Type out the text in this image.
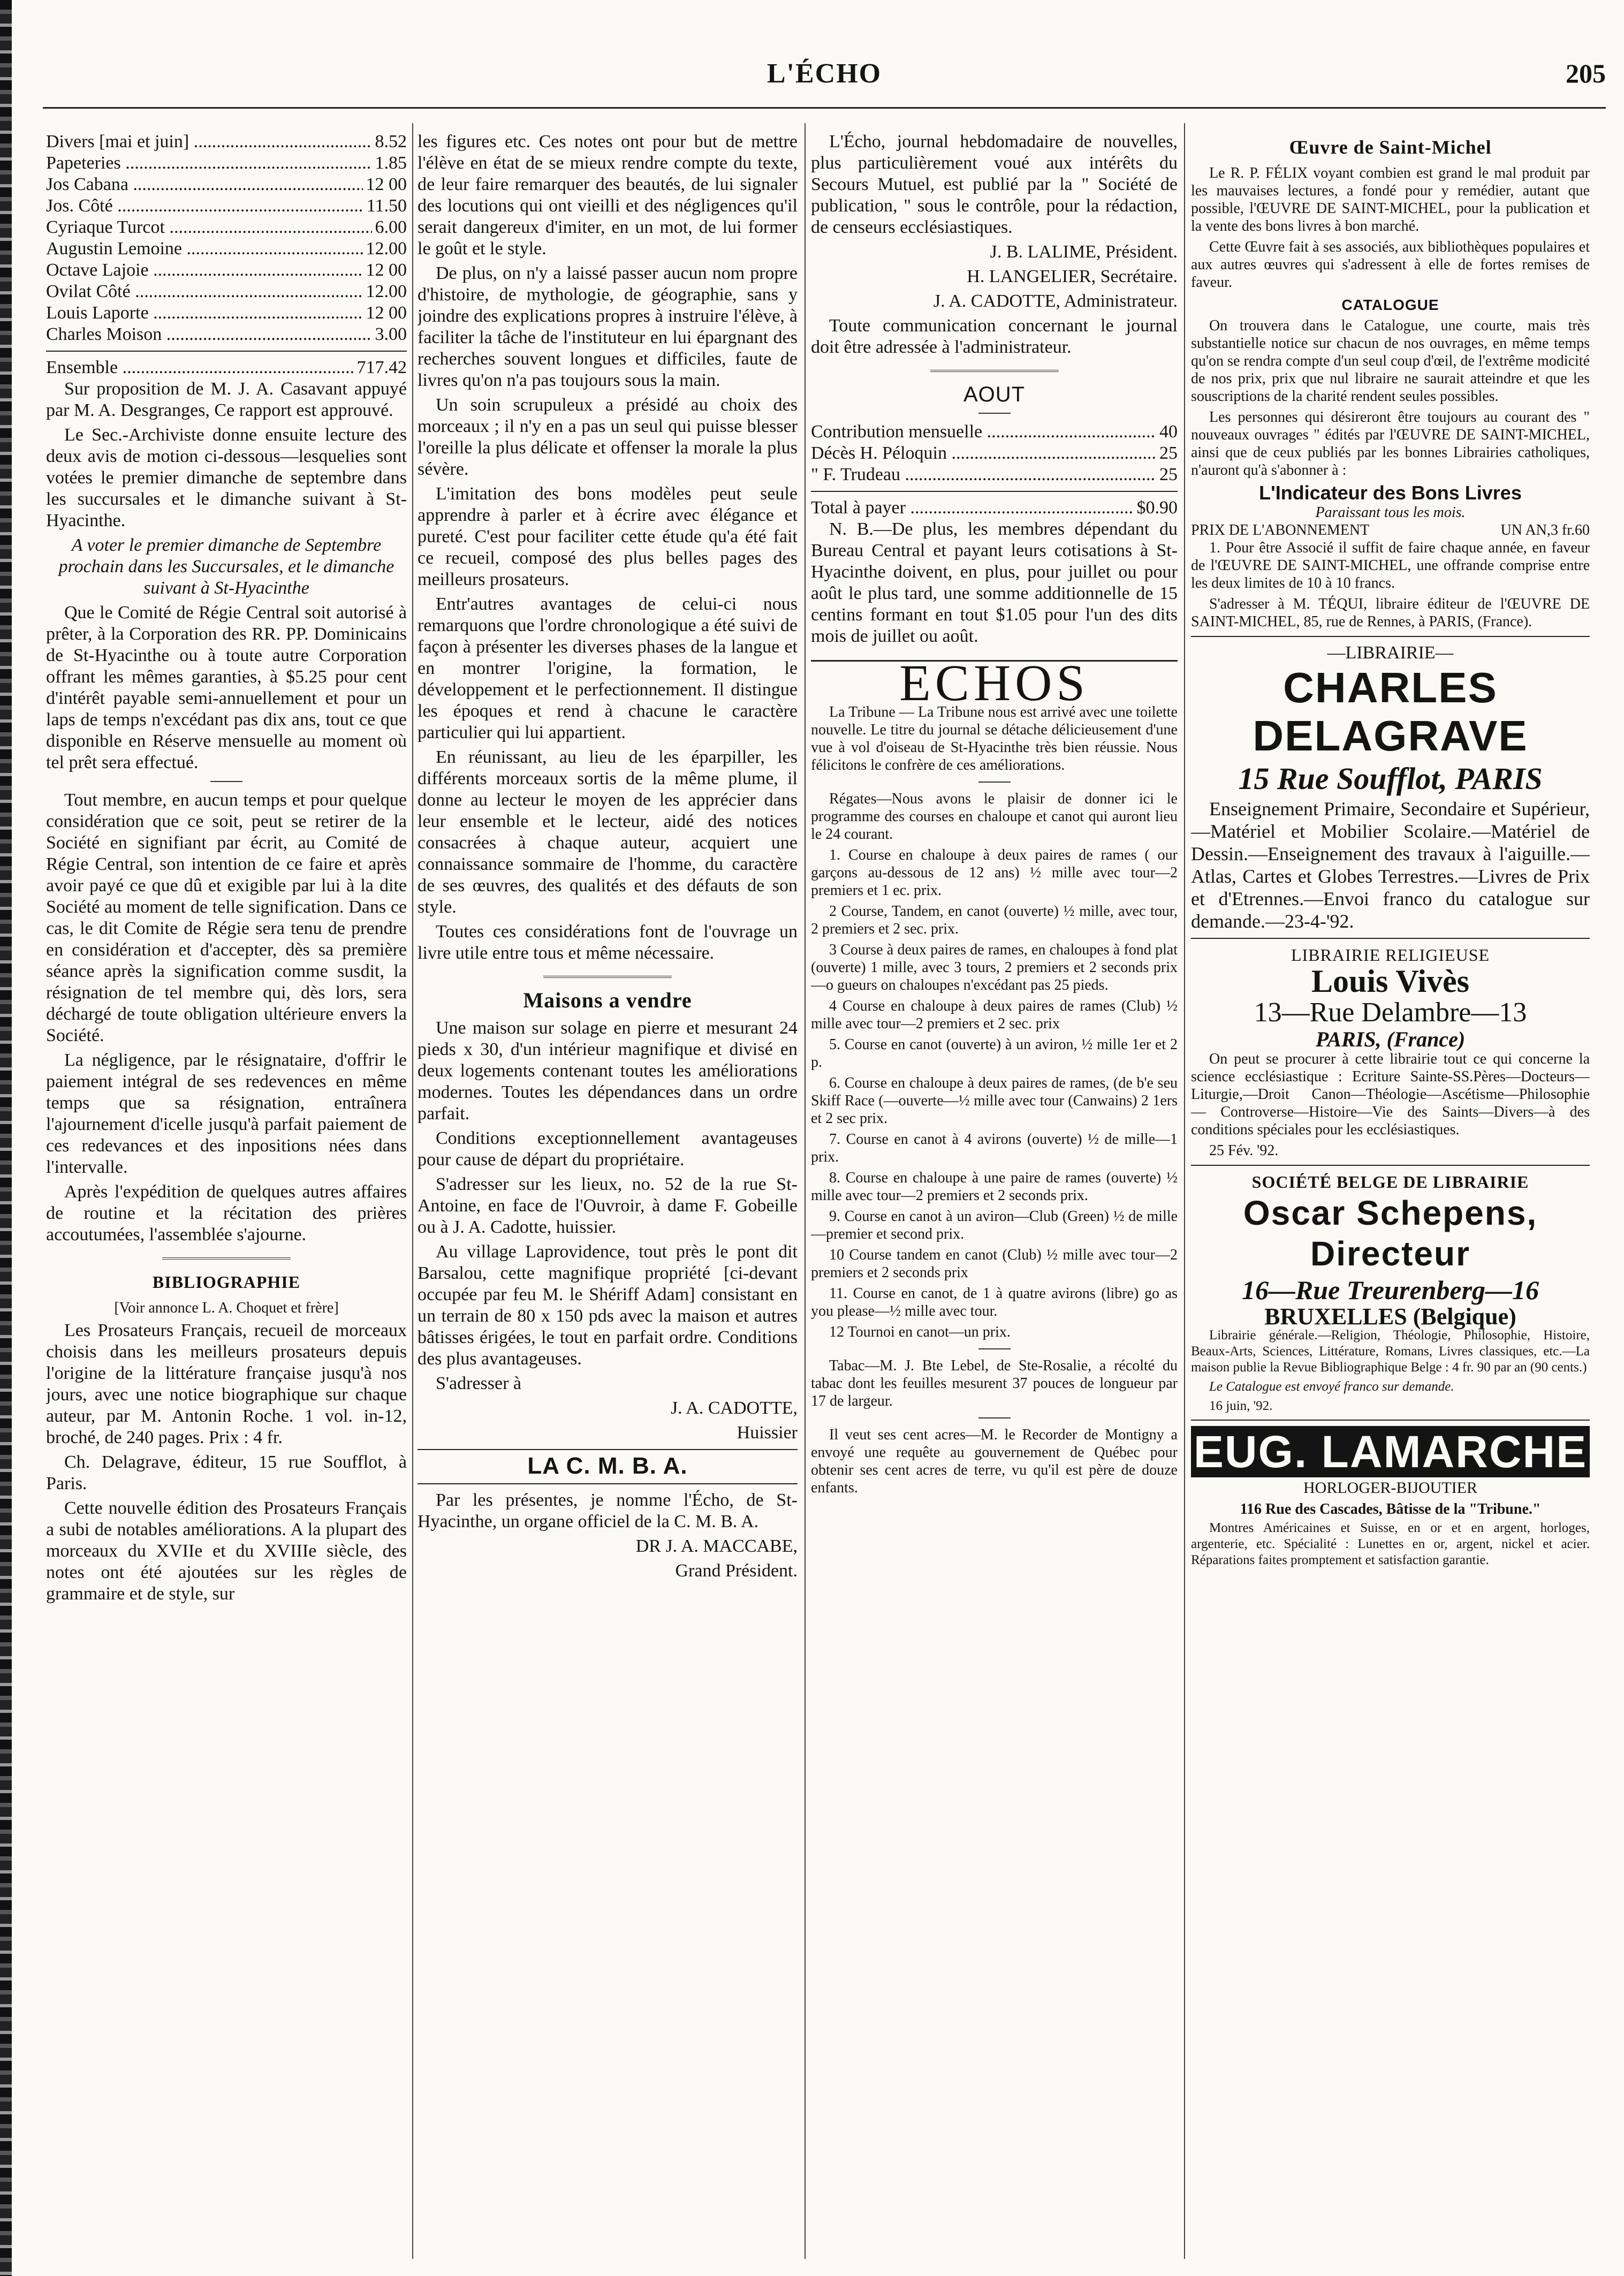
L'ÉCHO	205
Divers [mai et juin] .....	8.52
Papeteries .....	1.85
Jos Cabana .....	12 00
Jos. Côté .....	11.50
Cyriaque Turcot .....	6.00
Augustin Lemoine .....	12.00
Octave Lajoie .....	12 00
Ovilat Côté .....	12.00
Louis Laporte .....	12 00
Charles Moison .....	3.00
Ensemble .....	717.42

Sur proposition de M. J. A. Casavant appuyé par M. A. Desgranges, Ce rapport est approuvé.

Le Sec.-Archiviste donne ensuite lecture des deux avis de motion ci-dessous—lesquelies sont votées le premier dimanche de septembre dans les succursales et le dimanche suivant à St-Hyacinthe.

A voter le premier dimanche de Septembre prochain dans les Succursales, et le dimanche suivant à St-Hyacinthe

Que le Comité de Régie Central soit autorisé à prêter, à la Corporation des RR. PP. Dominicains de St-Hyacinthe ou à toute autre Corporation offrant les mêmes garanties, à $5.25 pour cent d'intérêt payable semi-annuellement et pour un laps de temps n'excédant pas dix ans, tout ce que disponible en Réserve mensuelle au moment où tel prêt sera effectué.

Tout membre, en aucun temps et pour quelque considération que ce soit, peut se retirer de la Société en signifiant par écrit, au Comité de Régie Central, son intention de ce faire et après avoir payé ce que dû et exigible par lui à la dite Société au moment de telle signification. Dans ce cas, le dit Comite de Régie sera tenu de prendre en considération et d'accepter, dès sa première séance après la signification comme susdit, la résignation de tel membre qui, dès lors, sera déchargé de toute obligation ultérieure envers la Société.

La négligence, par le résignataire, d'offrir le paiement intégral de ses redevences en même temps que sa résignation, entraînera l'ajournement d'icelle jusqu'à parfait paiement de ces redevances et des inpositions nées dans l'intervalle.

Après l'expédition de quelques autres affaires de routine et la récitation des prières accoutumées, l'assemblée s'ajourne.

BIBLIOGRAPHIE

[Voir annonce L. A. Choquet et frère]

Les Prosateurs Français, recueil de morceaux choisis dans les meilleurs prosateurs depuis l'origine de la littérature française jusqu'à nos jours, avec une notice biographique sur chaque auteur, par M. Antonin Roche. 1 vol. in-12, broché, de 240 pages. Prix : 4 fr.

Ch. Delagrave, éditeur, 15 rue Soufflot, à Paris.

Cette nouvelle édition des Prosateurs Français a subi de notables améliorations. A la plupart des morceaux du XVIIe et du XVIIIe siècle, des notes ont été ajoutées sur les règles de grammaire et de style, sur

les figures etc. Ces notes ont pour but de mettre l'élève en état de se mieux rendre compte du texte, de leur faire remarquer des beautés, de lui signaler des locutions qui ont vieilli et des négligences qu'il serait dangereux d'imiter, en un mot, de lui former le goût et le style.

De plus, on n'y a laissé passer aucun nom propre d'histoire, de mythologie, de géographie, sans y joindre des explications propres à instruire l'élève, à faciliter la tâche de l'instituteur en lui épargnant des recherches souvent longues et difficiles, faute de livres qu'on n'a pas toujours sous la main.

Un soin scrupuleux a présidé au choix des morceaux ; il n'y en a pas un seul qui puisse blesser l'oreille la plus délicate et offenser la morale la plus sévère.

L'imitation des bons modèles peut seule apprendre à parler et à écrire avec élégance et pureté. C'est pour faciliter cette étude qu'a été fait ce recueil, composé des plus belles pages des meilleurs prosateurs.

Entr'autres avantages de celui-ci nous remarquons que l'ordre chronologique a été suivi de façon à présenter les diverses phases de la langue et en montrer l'origine, la formation, le développement et le perfectionnement. Il distingue les époques et rend à chacune le caractère particulier qui lui appartient.

En réunissant, au lieu de les éparpiller, les différents morceaux sortis de la même plume, il donne au lecteur le moyen de les apprécier dans leur ensemble et le lecteur, aidé des notices consacrées à chaque auteur, acquiert une connaissance sommaire de l'homme, du caractère de ses œuvres, des qualités et des défauts de son style.

Toutes ces considérations font de l'ouvrage un livre utile entre tous et même nécessaire.

Maisons a vendre

Une maison sur solage en pierre et mesurant 24 pieds x 30, d'un intérieur magnifique et divisé en deux logements contenant toutes les améliorations modernes. Toutes les dépendances dans un ordre parfait.

Conditions exceptionnellement avantageuses pour cause de départ du propriétaire.

S'adresser sur les lieux, no. 52 de la rue St-Antoine, en face de l'Ouvroir, à dame F. Gobeille ou à J. A. Cadotte, huissier.

Au village Laprovidence, tout près le pont dit Barsalou, cette magnifique propriété [ci-devant occupée par feu M. le Shériff Adam] consistant en un terrain de 80 x 150 pds avec la maison et autres bâtisses érigées, le tout en parfait ordre. Conditions des plus avantageuses.

S'adresser à

J. A. CADOTTE,

Huissier

LA C. M. B. A.

Par les présentes, je nomme l'Écho, de St-Hyacinthe, un organe officiel de la C. M. B. A.

DR J. A. MACCABE,

Grand Président.

L'Écho, journal hebdomadaire de nouvelles, plus particulièrement voué aux intérêts du Secours Mutuel, est publié par la " Société de publication, " sous le contrôle, pour la rédaction, de censeurs ecclésiastiques.

J. B. LALIME, Président.

H. LANGELIER, Secrétaire.

J. A. CADOTTE, Administrateur.

Toute communication concernant le journal doit être adressée à l'administrateur.

AOUT
Contribution mensuelle .....	40
Décès H. Péloquin .....	25
" F. Trudeau .....	25
Total à payer .....	$0.90

N. B.—De plus, les membres dépendant du Bureau Central et payant leurs cotisations à St-Hyacinthe doivent, en plus, pour juillet ou pour août le plus tard, une somme additionnelle de 15 centins formant en tout $1.05 pour l'un des dits mois de juillet ou août.

ECHOS

La Tribune — La Tribune nous est arrivé avec une toilette nouvelle. Le titre du journal se détache délicieusement d'une vue à vol d'oiseau de St-Hyacinthe très bien réussie. Nous félicitons le confrère de ces améliorations.

Régates—Nous avons le plaisir de donner ici le programme des courses en chaloupe et canot qui auront lieu le 24 courant.

1. Course en chaloupe à deux paires de rames ( our garçons au-dessous de 12 ans) ½ mille avec tour—2 premiers et 1 ec. prix.

2 Course, Tandem, en canot (ouverte) ½ mille, avec tour, 2 premiers et 2 sec. prix.

3 Course à deux paires de rames, en chaloupes à fond plat (ouverte) 1 mille, avec 3 tours, 2 premiers et 2 seconds prix—o gueurs on chaloupes n'excédant pas 25 pieds.

4 Course en chaloupe à deux paires de rames (Club) ½ mille avec tour—2 premiers et 2 sec. prix

5. Course en canot (ouverte) à un aviron, ½ mille 1er et 2 p.

6. Course en chaloupe à deux paires de rames, (de b'e seu Skiff Race (—ouverte—½ mille avec tour (Canwains) 2 1ers et 2 sec prix.

7. Course en canot à 4 avirons (ouverte) ½ de mille—1 prix.

8. Course en chaloupe à une paire de rames (ouverte) ½ mille avec tour—2 premiers et 2 seconds prix.

9. Course en canot à un aviron—Club (Green) ½ de mille—premier et second prix.

10 Course tandem en canot (Club) ½ mille avec tour—2 premiers et 2 seconds prix

11. Course en canot, de 1 à quatre avirons (libre) go as you please—½ mille avec tour.

12 Tournoi en canot—un prix.

Tabac—M. J. Bte Lebel, de Ste-Rosalie, a récolté du tabac dont les feuilles mesurent 37 pouces de longueur par 17 de largeur.

Il veut ses cent acres—M. le Recorder de Montigny a envoyé une requête au gouvernement de Québec pour obtenir ses cent acres de terre, vu qu'il est père de douze enfants.

Œuvre de Saint-Michel

Le R. P. FÉLIX voyant combien est grand le mal produit par les mauvaises lectures, a fondé pour y remédier, autant que possible, l'ŒUVRE DE SAINT-MICHEL, pour la publication et la vente des bons livres à bon marché.

Cette Œuvre fait à ses associés, aux bibliothèques populaires et aux autres œuvres qui s'adressent à elle de fortes remises de faveur.

CATALOGUE

On trouvera dans le Catalogue, une courte, mais très substantielle notice sur chacun de nos ouvrages, en même temps qu'on se rendra compte d'un seul coup d'œil, de l'extrême modicité de nos prix, prix que nul libraire ne saurait atteindre et que les souscriptions de la charité rendent seules possibles.

Les personnes qui désireront être toujours au courant des " nouveaux ouvrages " édités par l'ŒUVRE DE SAINT-MICHEL, ainsi que de ceux publiés par les bonnes Librairies catholiques, n'auront qu'à s'abonner à :

L'Indicateur des Bons Livres
Paraissant tous les mois.
PRIX DE L'ABONNEMENT	UN AN,3 fr.60

1. Pour être Associé il suffit de faire chaque année, en faveur de l'ŒUVRE DE SAINT-MICHEL, une offrande comprise entre les deux limites de 10 à 10 francs.

S'adresser à M. TÉQUI, libraire éditeur de l'ŒUVRE DE SAINT-MICHEL, 85, rue de Rennes, à PARIS, (France).

—LIBRAIRIE—
CHARLES DELAGRAVE
15 Rue Soufflot, PARIS

Enseignement Primaire, Secondaire et Supérieur,—Matériel et Mobilier Scolaire.—Matériel de Dessin.—Enseignement des travaux à l'aiguille.—Atlas, Cartes et Globes Terrestres.—Livres de Prix et d'Etrennes.—Envoi franco du catalogue sur demande.—23-4-'92.

LIBRAIRIE RELIGIEUSE
Louis Vivès
13—Rue Delambre—13
PARIS, (France)

On peut se procurer à cette librairie tout ce qui concerne la science ecclésiastique : Ecriture Sainte-SS.Pères—Docteurs—Liturgie,—Droit Canon—Théologie—Ascétisme—Philosophie — Controverse—Histoire—Vie des Saints—Divers—à des conditions spéciales pour les ecclésiastiques.

25 Fév. '92.

SOCIÉTÉ BELGE DE LIBRAIRIE
Oscar Schepens, Directeur
16—Rue Treurenberg—16
BRUXELLES (Belgique)

Librairie générale.—Religion, Théologie, Philosophie, Histoire, Beaux-Arts, Sciences, Littérature, Romans, Livres classiques, etc.—La maison publie la Revue Bibliographique Belge : 4 fr. 90 par an (90 cents.)

Le Catalogue est envoyé franco sur demande.

16 juin, '92.

EUG. LAMARCHE
HORLOGER-BIJOUTIER
116 Rue des Cascades, Bâtisse de la "Tribune."

Montres Américaines et Suisse, en or et en argent, horloges, argenterie, etc. Spécialité : Lunettes en or, argent, nickel et acier. Réparations faites promptement et satisfaction garantie.
